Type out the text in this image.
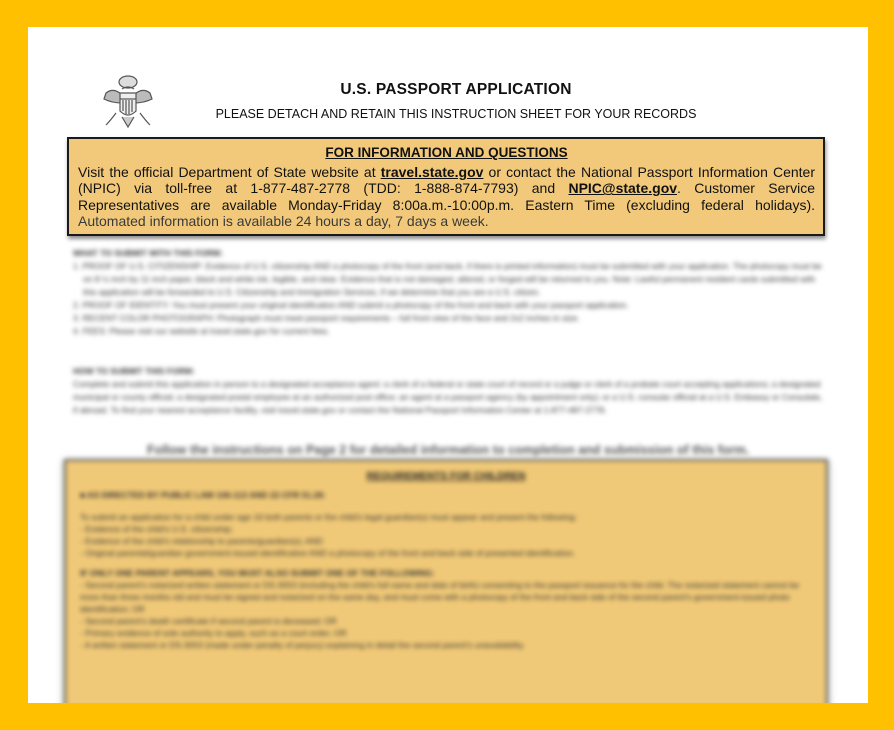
U.S. PASSPORT APPLICATION
PLEASE DETACH AND RETAIN THIS INSTRUCTION SHEET FOR YOUR RECORDS
FOR INFORMATION AND QUESTIONS
Visit the official Department of State website at travel.state.gov or contact the National Passport Information Center (NPIC) via toll-free at 1-877-487-2778 (TDD: 1-888-874-7793) and NPIC@state.gov. Customer Service Representatives are available Monday-Friday 8:00a.m.-10:00p.m. Eastern Time (excluding federal holidays). Automated information is available 24 hours a day, 7 days a week.
WHAT TO SUBMIT WITH THIS FORM:
1. PROOF OF U.S. CITIZENSHIP: Evidence of U.S. citizenship AND a photocopy of the front (and back, if there is printed information) must be submitted with your application. The photocopy must be on 8 ½ inch by 11 inch paper, black and white ink, legible, and clear. Evidence that is not damaged, altered, or forged will be returned to you. Note: Lawful permanent resident cards submitted with this application will be forwarded to U.S. Citizenship and Immigration Services, if we determine that you are a U.S. citizen.
2. PROOF OF IDENTITY: You must present your original identification AND submit a photocopy of the front and back with your passport application.
3. RECENT COLOR PHOTOGRAPH: Photograph must meet passport requirements – full front view of the face and 2x2 inches in size.
4. FEES: Please visit our website at travel.state.gov for current fees.
HOW TO SUBMIT THIS FORM:
Complete and submit this application in person to a designated acceptance agent: a clerk of a federal or state court of record or a judge or clerk of a probate court accepting applications; a designated municipal or county official; a designated postal employee at an authorized post office; an agent at a passport agency (by appointment only); or a U.S. consular official at a U.S. Embassy or Consulate, if abroad. To find your nearest acceptance facility, visit travel.state.gov or contact the National Passport Information Center at 1-877-487-2778.
Follow the instructions on Page 2 for detailed information to completion and submission of this form.
REQUIREMENTS FOR CHILDREN
■ AS DIRECTED BY PUBLIC LAW 106-113 AND 22 CFR 51.28:

To submit an application for a child under age 16 both parents or the child's legal guardian(s) must appear and present the following:

- Evidence of the child's U.S. citizenship;

- Evidence of the child's relationship to parents/guardian(s); AND

- Original parental/guardian government-issued identification AND a photocopy of the front and back side of presented identification.

IF ONLY ONE PARENT APPEARS, YOU MUST ALSO SUBMIT ONE OF THE FOLLOWING:

- Second parent's notarized written statement or DS-3053 (including the child's full name and date of birth) consenting to the passport issuance for the child. The notarized statement cannot be more than three months old and must be signed and notarized on the same day, and must come with a photocopy of the front and back side of the second parent's government-issued photo identification; OR

- Second parent's death certificate if second parent is deceased; OR

- Primary evidence of sole authority to apply, such as a court order; OR

- A written statement or DS-3053 (made under penalty of perjury) explaining in detail the second parent's unavailability.
